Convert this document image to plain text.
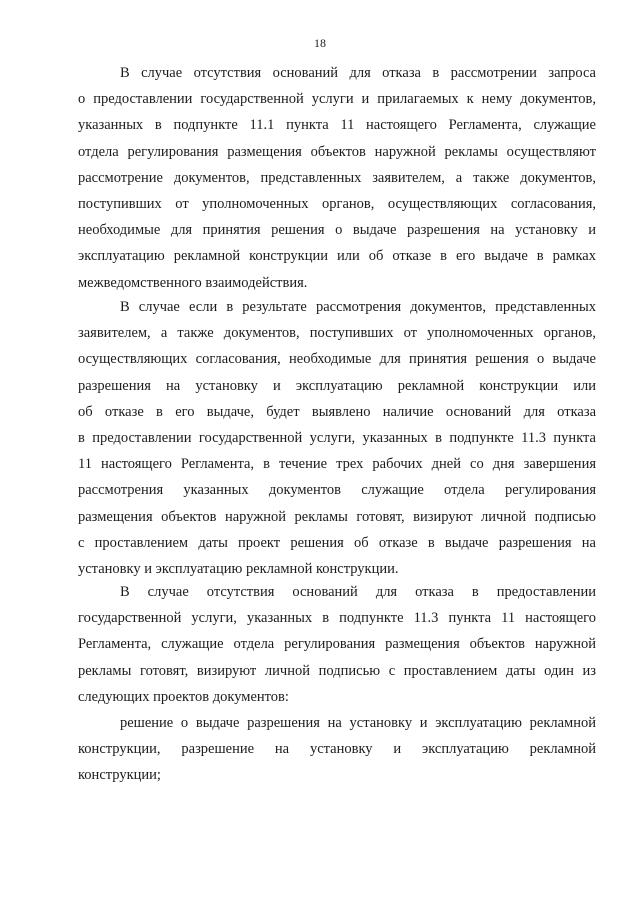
18
В случае отсутствия оснований для отказа в рассмотрении запроса
о предоставлении государственной услуги и прилагаемых к нему документов,
указанных в подпункте 11.1 пункта 11 настоящего Регламента, служащие
отдела регулирования размещения объектов наружной рекламы осуществляют
рассмотрение документов, представленных заявителем, а также документов,
поступивших от уполномоченных органов, осуществляющих согласования,
необходимые для принятия решения о выдаче разрешения на установку и
эксплуатацию рекламной конструкции или об отказе в его выдаче в рамках
межведомственного взаимодействия.
В случае если в результате рассмотрения документов, представленных
заявителем, а также документов, поступивших от уполномоченных органов,
осуществляющих согласования, необходимые для принятия решения о выдаче
разрешения на установку и эксплуатацию рекламной конструкции или
об отказе в его выдаче, будет выявлено наличие оснований для отказа
в предоставлении государственной услуги, указанных в подпункте 11.3 пункта
11 настоящего Регламента, в течение трех рабочих дней со дня завершения
рассмотрения указанных документов служащие отдела регулирования
размещения объектов наружной рекламы готовят, визируют личной подписью
с проставлением даты проект решения об отказе в выдаче разрешения на
установку и эксплуатацию рекламной конструкции.
В случае отсутствия оснований для отказа в предоставлении
государственной услуги, указанных в подпункте 11.3 пункта 11 настоящего
Регламента, служащие отдела регулирования размещения объектов наружной
рекламы готовят, визируют личной подписью с проставлением даты один из
следующих проектов документов:
решение о выдаче разрешения на установку и эксплуатацию рекламной
конструкции, разрешение на установку и эксплуатацию рекламной
конструкции;
